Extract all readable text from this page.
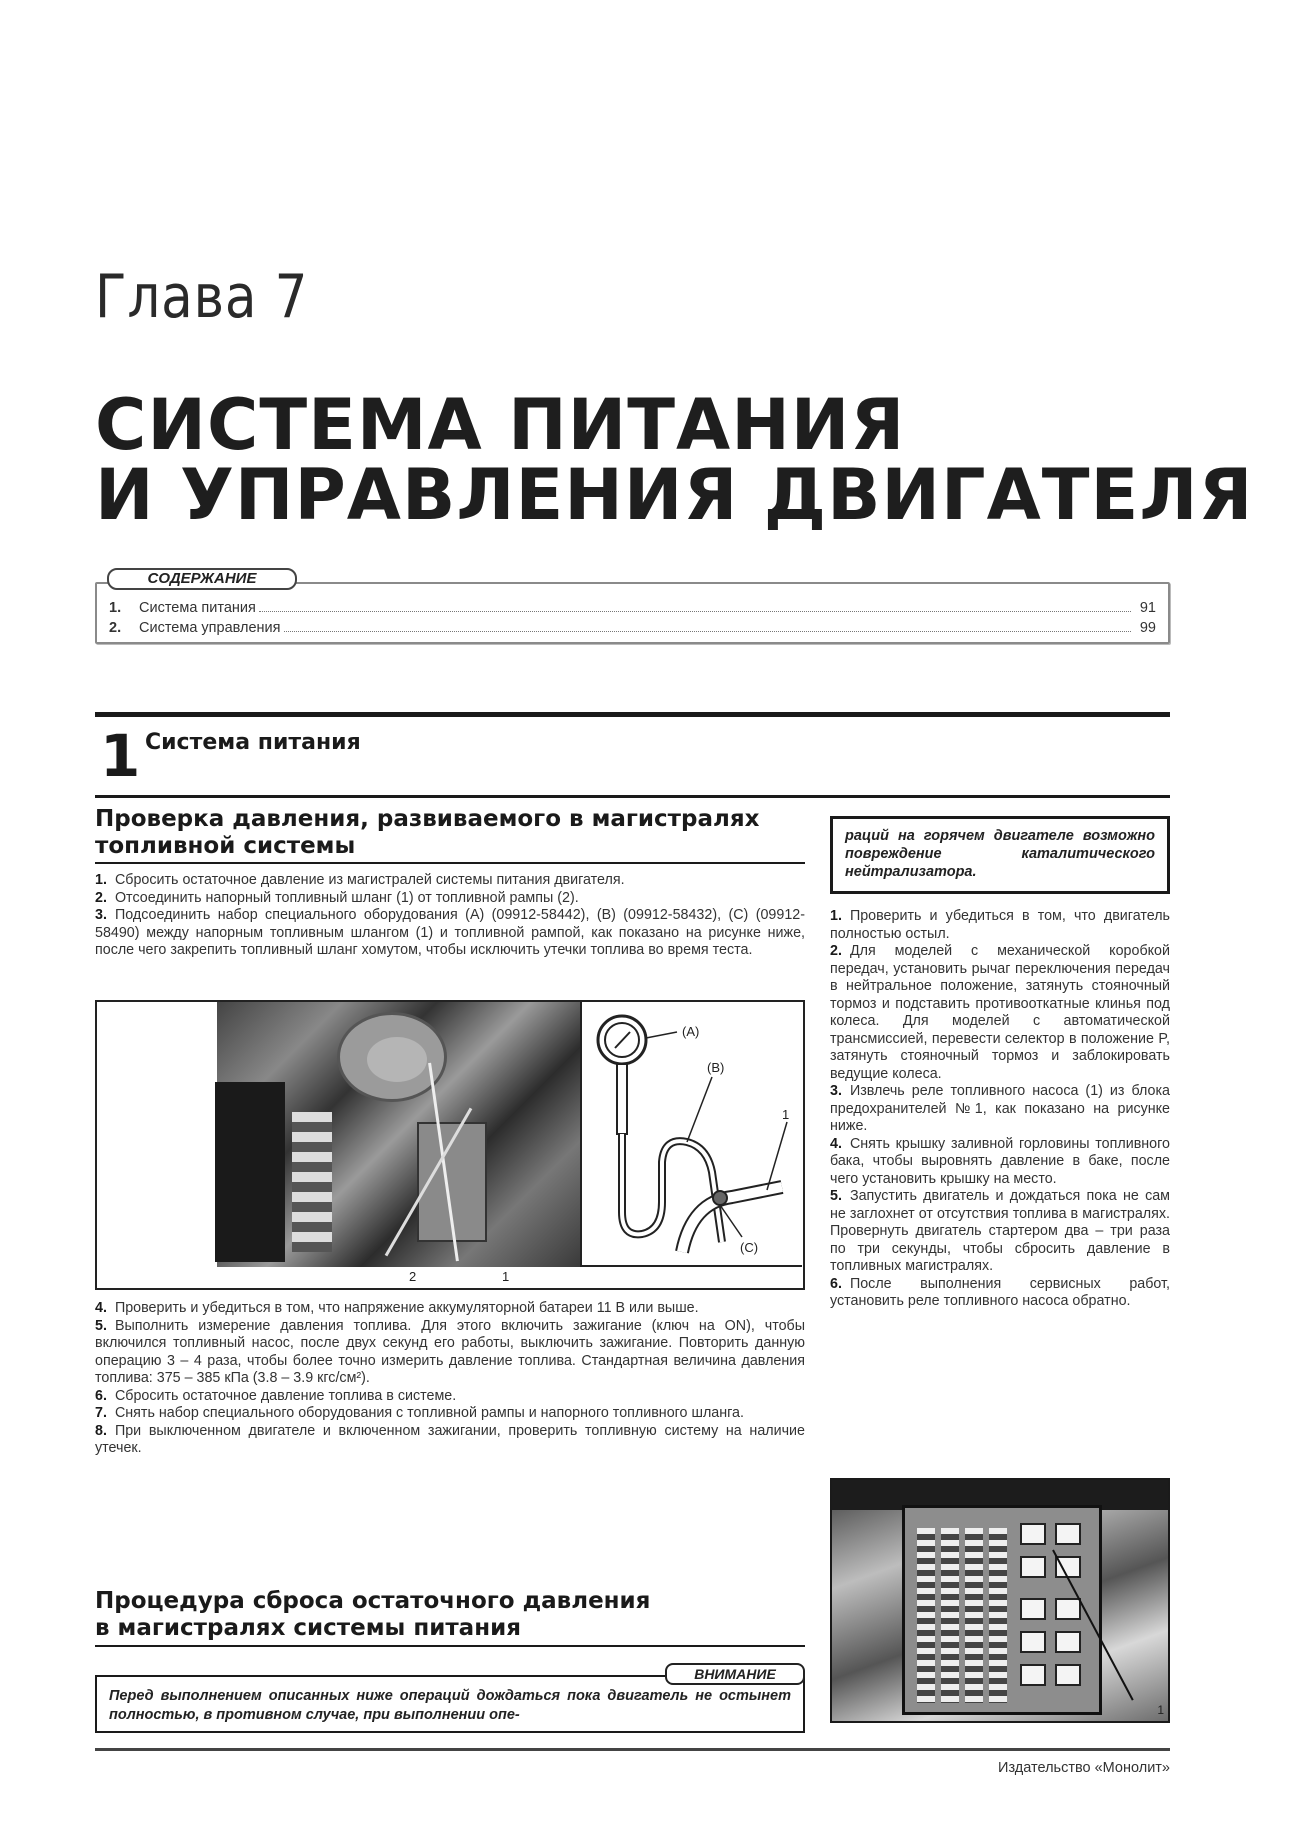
Глава 7
СИСТЕМА ПИТАНИЯ
И УПРАВЛЕНИЯ ДВИГАТЕЛЯ
СОДЕРЖАНИЕ
1.	Система питания	91
2.	Система управления	99
1 Система питания
Проверка давления, развиваемого в магистралях
топливной системы

1. Сбросить остаточное давление из магистралей системы питания двигателя.

2. Отсоединить напорный топливный шланг (1) от топливной рампы (2).

3. Подсоединить набор специального оборудования (A) (09912-58442), (B) (09912-58432), (C) (09912-58490) между напорным топливным шлангом (1) и топливной рампой, как показано на рисунке ниже, после чего закрепить топливный шланг хомутом, чтобы исключить утечки топлива во время теста.

2	1
(A)
(B)
1
(C)

4. Проверить и убедиться в том, что напряжение аккумуляторной батареи 11 В или выше.

5. Выполнить измерение давления топлива. Для этого включить зажигание (ключ на ON), чтобы включился топливный насос, после двух секунд его работы, выключить зажигание. Повторить данную операцию 3 – 4 раза, чтобы более точно измерить давление топлива. Стандартная величина давления топлива: 375 – 385 кПа (3.8 – 3.9 кгс/см²).

6. Сбросить остаточное давление топлива в системе.

7. Снять набор специального оборудования с топливной рампы и напорного топливного шланга.

8. При выключенном двигателе и включенном зажигании, проверить топливную систему на наличие утечек.

Процедура сброса остаточного давления
в магистралях системы питания
ВНИМАНИЕ
Перед выполнением описанных ниже операций дождаться пока двигатель не остынет полностью, в противном случае, при выполнении опе-
раций на горячем двигателе возможно повреждение каталитического нейтрализатора.

1. Проверить и убедиться в том, что двигатель полностью остыл.

2. Для моделей с механической коробкой передач, установить рычаг переключения передач в нейтральное положение, затянуть стояночный тормоз и подставить противооткатные клинья под колеса. Для моделей с автоматической трансмиссией, перевести селектор в положение P, затянуть стояночный тормоз и заблокировать ведущие колеса.

3. Извлечь реле топливного насоса (1) из блока предохранителей №1, как показано на рисунке ниже.

4. Снять крышку заливной горловины топливного бака, чтобы выровнять давление в баке, после чего установить крышку на место.

5. Запустить двигатель и дождаться пока не сам не заглохнет от отсутствия топлива в магистралях. Провернуть двигатель стартером два – три раза по три секунды, чтобы сбросить давление в топливных магистралях.

6. После выполнения сервисных работ, установить реле топливного насоса обратно.

1
Издательство «Монолит»
